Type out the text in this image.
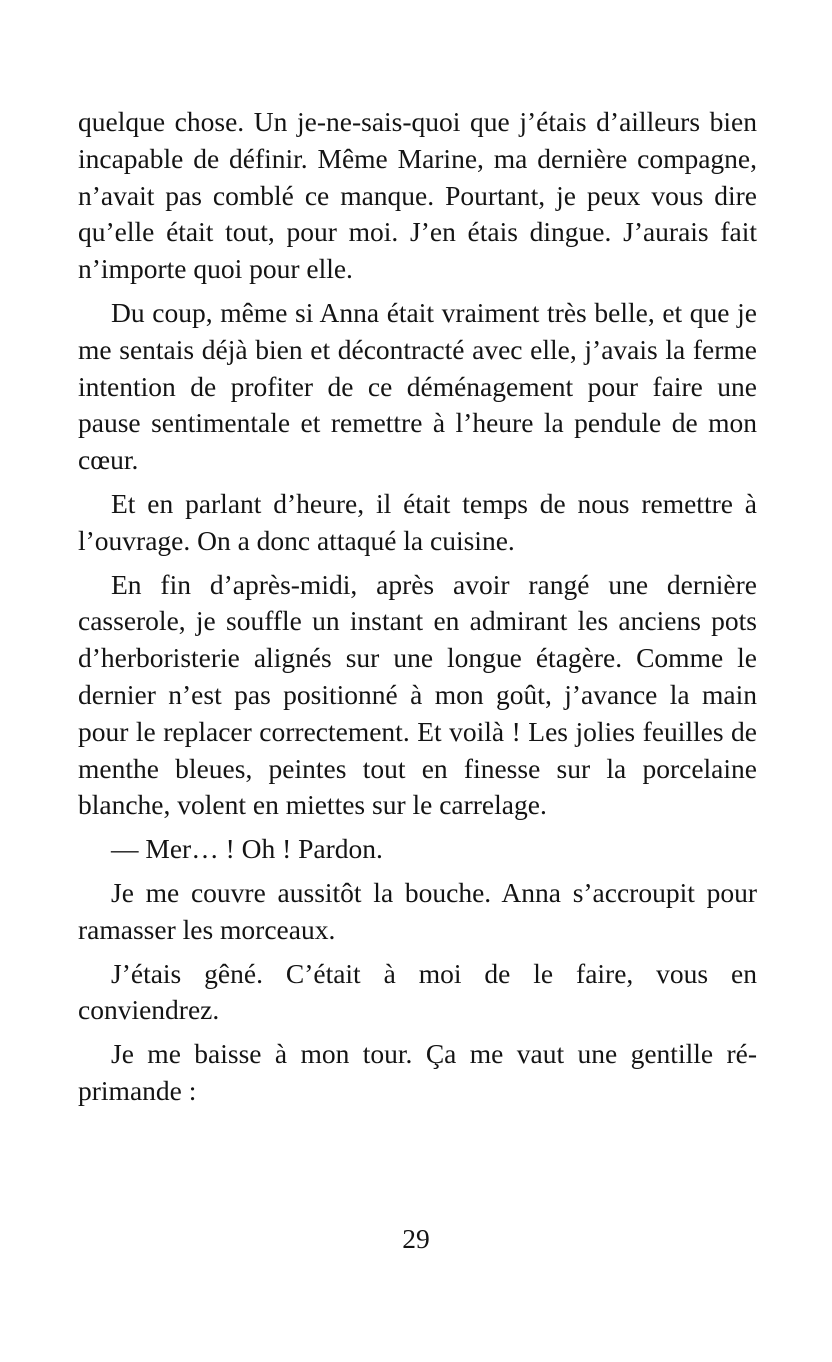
quelque chose. Un je-ne-sais-quoi que j’étais d’ailleurs bien incapable de définir. Même Marine, ma dernière compagne, n’avait pas comblé ce manque. Pourtant, je peux vous dire qu’elle était tout, pour moi. J’en étais dingue. J’aurais fait n’importe quoi pour elle.

Du coup, même si Anna était vraiment très belle, et que je me sentais déjà bien et décontracté avec elle, j’avais la ferme intention de profiter de ce déménagement pour faire une pause sentimentale et remettre à l’heure la pendule de mon cœur.

Et en parlant d’heure, il était temps de nous remettre à l’ouvrage. On a donc attaqué la cuisine.

En fin d’après-midi, après avoir rangé une dernière casserole, je souffle un instant en admirant les anciens pots d’herboristerie alignés sur une longue étagère. Comme le dernier n’est pas positionné à mon goût, j’avance la main pour le replacer correctement. Et voilà ! Les jolies feuilles de menthe bleues, peintes tout en finesse sur la porcelaine blanche, volent en miettes sur le carrelage.

— Mer… ! Oh ! Pardon.

Je me couvre aussitôt la bouche. Anna s’accroupit pour ramasser les morceaux.

J’étais gêné. C’était à moi de le faire, vous en conviendrez.

Je me baisse à mon tour. Ça me vaut une gentille réprimande :

29
